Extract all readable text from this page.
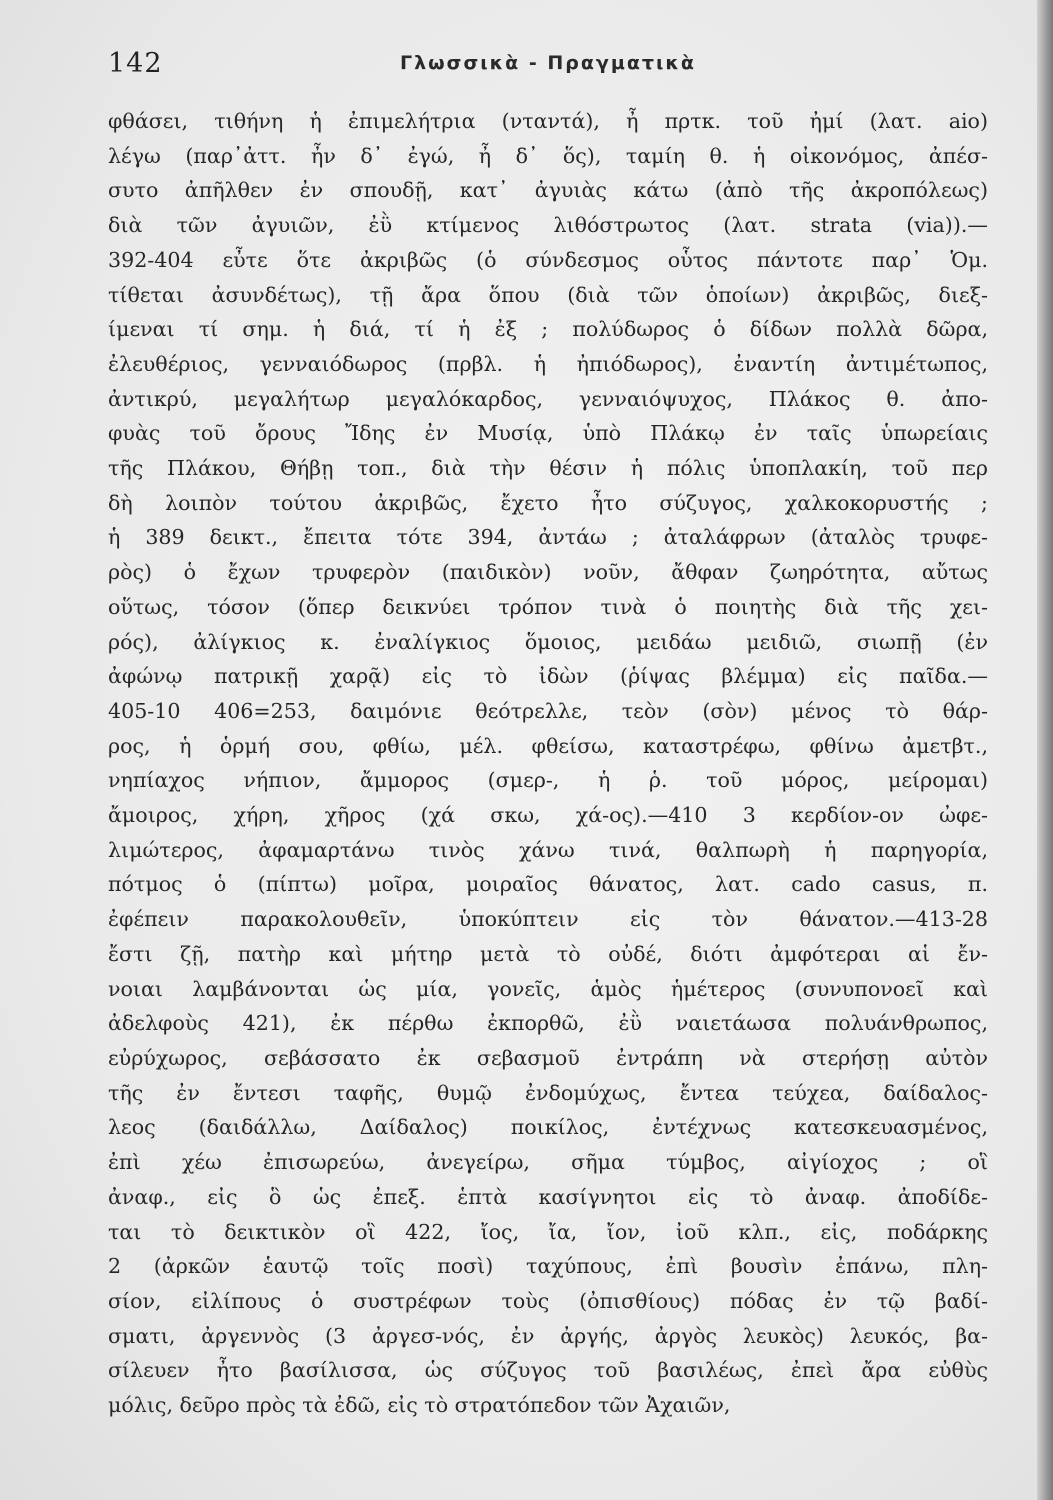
142	Γλωσσικὰ - Πραγματικὰ
φθάσει, τιθήνη ἡ ἐπιμελήτρια (νταντά), ἦ πρτκ. τοῦ ἠμί (λατ. aio)
λέγω (παρ᾽ἀττ. ἦν δ᾽ ἐγώ, ἦ δ᾽ ὅς), ταμίη θ. ἡ οἰκονόμος, ἀπέσ-
συτο ἀπῆλθεν ἐν σπουδῇ, κατ᾽ ἀγυιὰς κάτω (ἀπὸ τῆς ἀκροπόλεως)
διὰ τῶν ἀγυιῶν, ἐῢ κτίμενος λιθόστρωτος (λατ. strata (via)).—
392-404 εὖτε ὅτε ἀκριβῶς (ὁ σύνδεσμος οὗτος πάντοτε παρ᾽ Ὁμ.
τίθεται ἀσυνδέτως), τῇ ἄρα ὅπου (διὰ τῶν ὁποίων) ἀκριβῶς, διεξ-
ίμεναι τί σημ. ἡ διά, τί ἡ ἐξ ; πολύδωρος ὁ δίδων πολλὰ δῶρα,
ἐλευθέριος, γενναιόδωρος (πρβλ. ἡ ἠπιόδωρος), ἐναντίη ἀντιμέτωπος,
ἀντικρύ, μεγαλήτωρ μεγαλόκαρδος, γενναιόψυχος, Πλάκος θ. ἀπο-
φυὰς τοῦ ὄρους Ἴδης ἐν Μυσίᾳ, ὑπὸ Πλάκῳ ἐν ταῖς ὑπωρείαις
τῆς Πλάκου, Θήβῃ τοπ., διὰ τὴν θέσιν ἡ πόλις ὑποπλακίη, τοῦ περ
δὴ λοιπὸν τούτου ἀκριβῶς, ἔχετο ἦτο σύζυγος, χαλκοκορυστής ;
ἡ 389 δεικτ., ἔπειτα τότε 394, ἀντάω ; ἀταλάφρων (ἀταλὸς τρυφε-
ρὸς) ὁ ἔχων τρυφερὸν (παιδικὸν) νοῦν, ἄθφαν ζωηρότητα, αὔτως
οὕτως, τόσον (ὅπερ δεικνύει τρόπον τινὰ ὁ ποιητὴς διὰ τῆς χει-
ρός), ἀλίγκιος κ. ἐναλίγκιος ὅμοιος, μειδάω μειδιῶ, σιωπῇ (ἐν
ἀφώνῳ πατρικῇ χαρᾷ) εἰς τὸ ἰδὼν (ῥίψας βλέμμα) εἰς παῖδα.—
405-10 406=253, δαιμόνιε θεότρελλε, τεὸν (σὸν) μένος τὸ θάρ-
ρος, ἡ ὁρμή σου, φθίω, μέλ. φθείσω, καταστρέφω, φθίνω ἀμετβτ.,
νηπίαχος νήπιον, ἄμμορος (σμερ-, ἡ ῥ. τοῦ μόρος, μείρομαι)
ἄμοιρος, χήρη, χῆρος (χά σκω, χά-ος).—410 3 κερδίον-ον ὠφε-
λιμώτερος, ἀφαμαρτάνω τινὸς χάνω τινά, θαλπωρὴ ἡ παρηγορία,
πότμος ὁ (πίπτω) μοῖρα, μοιραῖος θάνατος, λατ. cado casus, π.
ἐφέπειν παρακολουθεῖν, ὑποκύπτειν εἰς τὸν θάνατον.—413-28
ἔστι ζῇ, πατὴρ καὶ μήτηρ μετὰ τὸ οὐδέ, διότι ἀμφότεραι αἱ ἔν-
νοιαι λαμβάνονται ὡς μία, γονεῖς, ἁμὸς ἡμέτερος (συνυπονοεῖ καὶ
ἀδελφοὺς 421), ἐκ πέρθω ἐκπορθῶ, ἐῢ ναιετάωσα πολυάνθρωπος,
εὐρύχωρος, σεβάσσατο ἐκ σεβασμοῦ ἐντράπη νὰ στερήσῃ αὐτὸν
τῆς ἐν ἔντεσι ταφῆς, θυμῷ ἐνδομύχως, ἔντεα τεύχεα, δαίδαλος-
λεος (δαιδάλλω, Δαίδαλος) ποικίλος, ἐντέχνως κατεσκευασμένος,
ἐπὶ χέω ἐπισωρεύω, ἀνεγείρω, σῆμα τύμβος, αἰγίοχος ; οἳ
ἀναφ., εἰς ὃ ὡς ἐπεξ. ἑπτὰ κασίγνητοι εἰς τὸ ἀναφ. ἀποδίδε-
ται τὸ δεικτικὸν οἳ 422, ἴος, ἴα, ἴον, ἰοῦ κλπ., εἰς, ποδάρκης
2 (ἀρκῶν ἑαυτῷ τοῖς ποσὶ) ταχύπους, ἐπὶ βουσὶν ἐπάνω, πλη-
σίον, εἰλίπους ὁ συστρέφων τοὺς (ὀπισθίους) πόδας ἐν τῷ βαδί-
σματι, ἀργεννὸς (3 ἀργεσ-νός, ἐν ἀργής, ἀργὸς λευκὸς) λευκός, βα-
σίλευεν ἦτο βασίλισσα, ὡς σύζυγος τοῦ βασιλέως, ἐπεὶ ἄρα εὐθὺς
μόλις, δεῦρο πρὸς τὰ ἐδῶ, εἰς τὸ στρατόπεδον τῶν Ἀχαιῶν,
